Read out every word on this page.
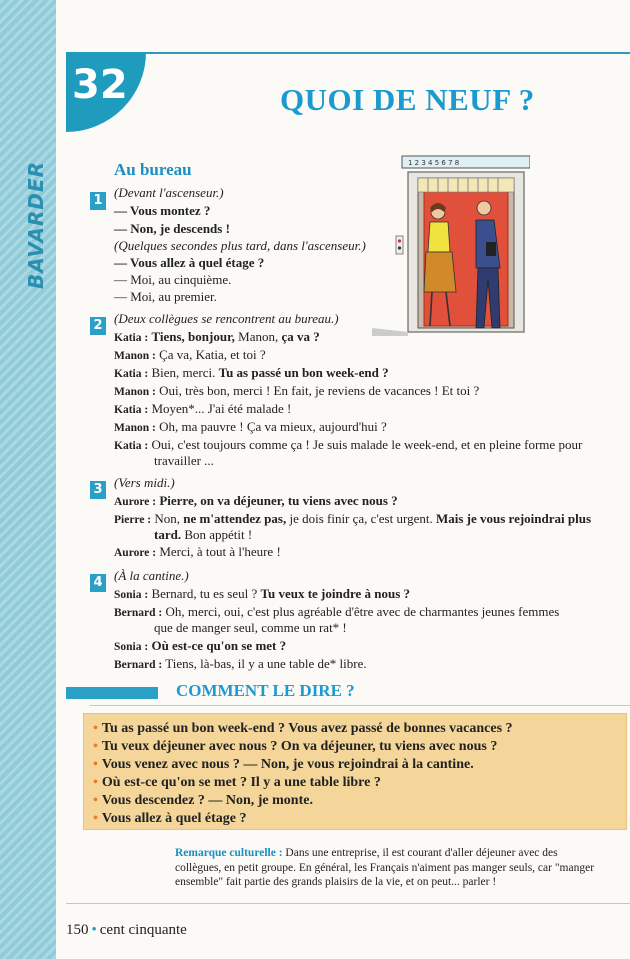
BAVARDER
32	QUOI DE NEUF ?
Au bureau	1 2 3 4 5 6 7 8
1
(Devant l'ascenseur.)
— Vous montez ?
— Non, je descends !
(Quelques secondes plus tard, dans l'ascenseur.)
— Vous allez à quel étage ?
— Moi, au cinquième.
— Moi, au premier.
2 (Deux collègues se rencontrent au bureau.)
Katia : Tiens, bonjour, Manon, ça va ?
Manon : Ça va, Katia, et toi ?
Katia : Bien, merci. Tu as passé un bon week-end ?
Manon : Oui, très bon, merci ! En fait, je reviens de vacances ! Et toi ?
Katia : Moyen*... J'ai été malade !
Manon : Oh, ma pauvre ! Ça va mieux, aujourd'hui ?
Katia : Oui, c'est toujours comme ça ! Je suis malade le week-end, et en pleine forme pour
travailler ...
3 (Vers midi.)
Aurore : Pierre, on va déjeuner, tu viens avec nous ?
Pierre : Non, ne m'attendez pas, je dois finir ça, c'est urgent. Mais je vous rejoindrai plus
tard. Bon appétit !
Aurore : Merci, à tout à l'heure !
4 (À la cantine.)
Sonia : Bernard, tu es seul ? Tu veux te joindre à nous ?
Bernard : Oh, merci, oui, c'est plus agréable d'être avec de charmantes jeunes femmes
que de manger seul, comme un rat* !
Sonia : Où est-ce qu'on se met ?
Bernard : Tiens, là-bas, il y a une table de* libre.
COMMENT LE DIRE ?
• Tu as passé un bon week-end ? Vous avez passé de bonnes vacances ?
• Tu veux déjeuner avec nous ? On va déjeuner, tu viens avec nous ?
• Vous venez avec nous ? — Non, je vous rejoindrai à la cantine.
• Où est-ce qu'on se met ? Il y a une table libre ?
• Vous descendez ? — Non, je monte.
• Vous allez à quel étage ?
Remarque culturelle : Dans une entreprise, il est courant d'aller déjeuner avec des
collègues, en petit groupe. En général, les Français n'aiment pas manger seuls, car "manger
ensemble" fait partie des grands plaisirs de la vie, et on peut... parler !
150 • cent cinquante
